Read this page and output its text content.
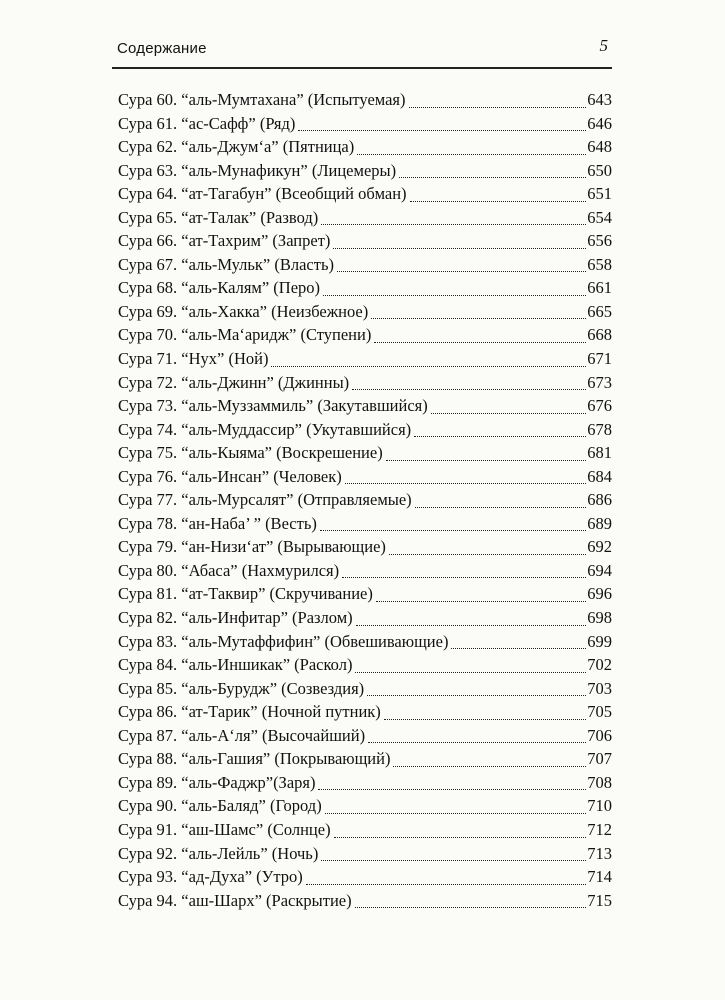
Содержание	5
Сура 60. “аль-Мумтахана” (Испытуемая)	643
Сура 61. “ас-Сафф” (Ряд)	646
Сура 62. “аль-Джум‘а” (Пятница)	648
Сура 63. “аль-Мунафикун” (Лицемеры)	650
Сура 64. “ат-Тагабун” (Всеобщий обман)	651
Сура 65. “ат-Талак” (Развод)	654
Сура 66. “ат-Тахрим” (Запрет)	656
Сура 67. “аль-Мульк” (Власть)	658
Сура 68. “аль-Калям” (Перо)	661
Сура 69. “аль-Хакка” (Неизбежное)	665
Сура 70. “аль-Ма‘аридж” (Ступени)	668
Сура 71. “Нух” (Ной)	671
Сура 72. “аль-Джинн” (Джинны)	673
Сура 73. “аль-Муззаммиль” (Закутавшийся)	676
Сура 74. “аль-Муддассир” (Укутавшийся)	678
Сура 75. “аль-Кыяма” (Воскрешение)	681
Сура 76. “аль-Инсан” (Человек)	684
Сура 77. “аль-Мурсалят” (Отправляемые)	686
Сура 78. “ан-Наба’ ” (Весть)	689
Сура 79. “ан-Низи‘ат” (Вырывающие)	692
Сура 80. “Абаса” (Нахмурился)	694
Сура 81. “ат-Таквир” (Скручивание)	696
Сура 82. “аль-Инфитар” (Разлом)	698
Сура 83. “аль-Мутаффифин” (Обвешивающие)	699
Сура 84. “аль-Иншикак” (Раскол)	702
Сура 85. “аль-Бурудж” (Созвездия)	703
Сура 86. “ат-Тарик” (Ночной путник)	705
Сура 87. “аль-А‘ля” (Высочайший)	706
Сура 88. “аль-Гашия” (Покрывающий)	707
Сура 89. “аль-Фаджр”(Заря)	708
Сура 90. “аль-Баляд” (Город)	710
Сура 91. “аш-Шамс” (Солнце)	712
Сура 92. “аль-Лейль” (Ночь)	713
Сура 93. “ад-Духа” (Утро)	714
Сура 94. “аш-Шарх” (Раскрытие)	715
